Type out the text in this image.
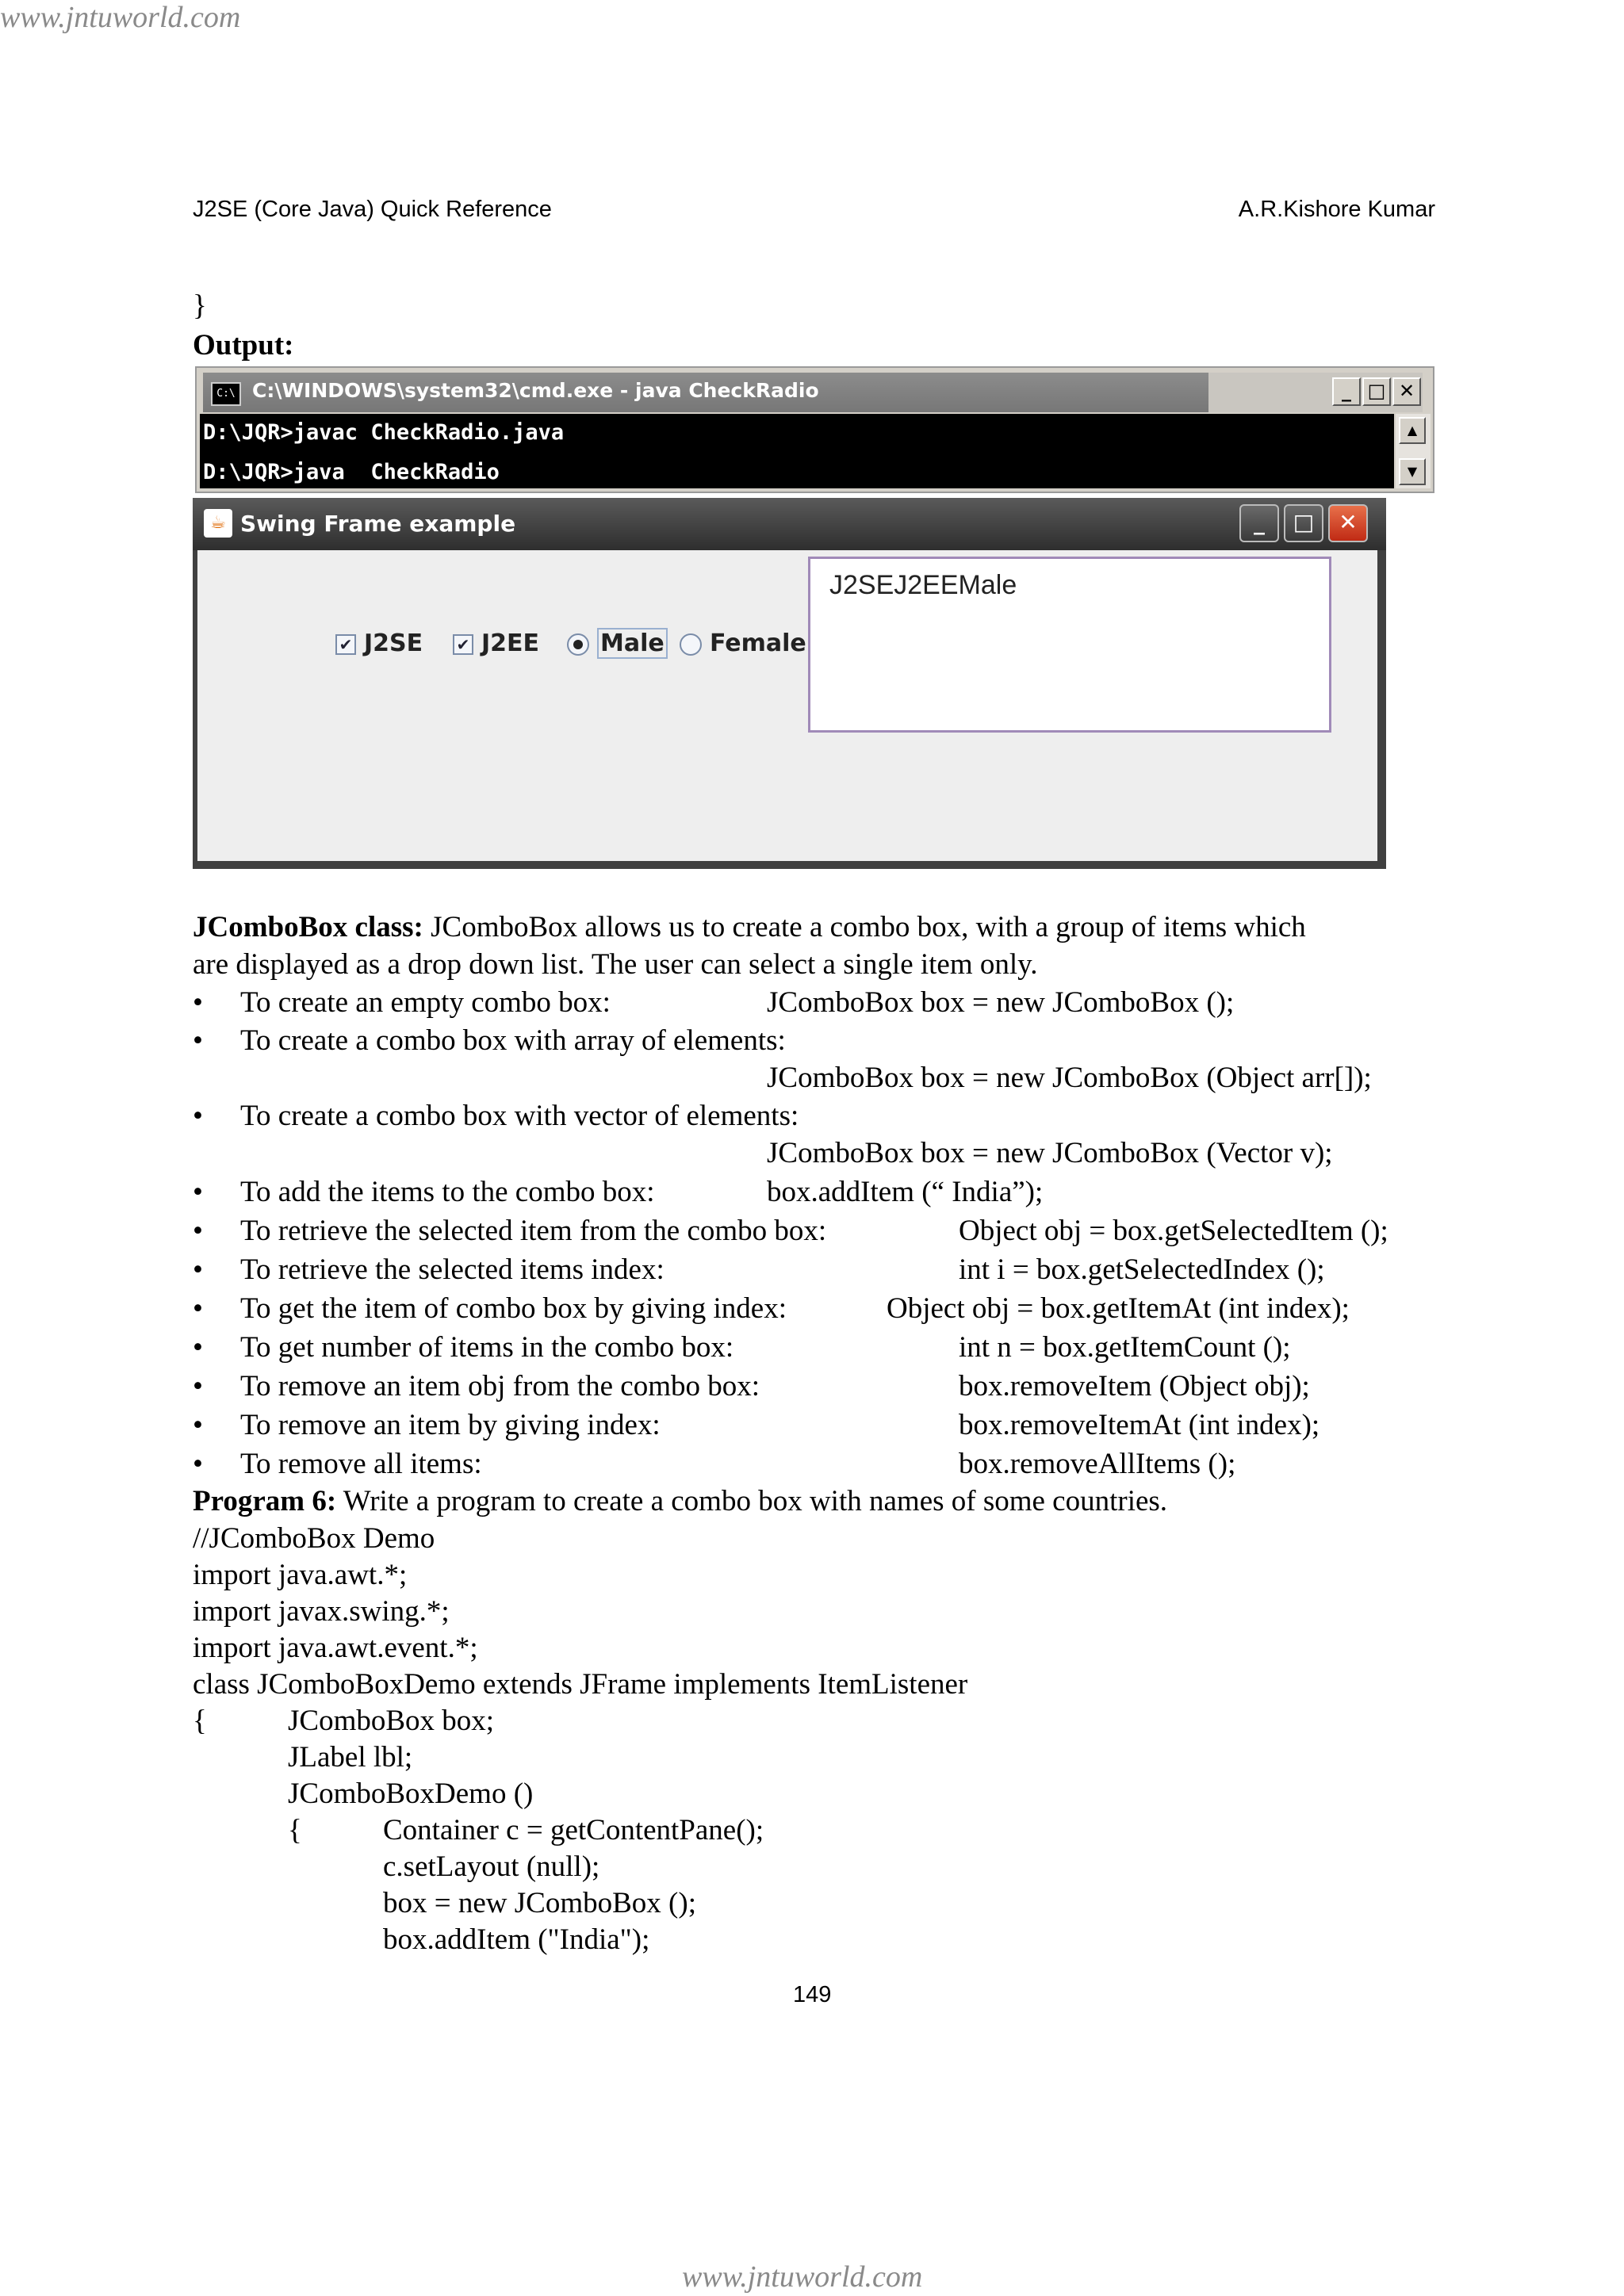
www.jntuworld.com
J2SE (Core Java) Quick Reference	A.R.Kishore Kumar
}
Output:
C:\ C:\WINDOWS\system32\cmd.exe - java CheckRadio	_ □ ✕
D:\JQR>javac CheckRadio.java
D:\JQR>java  CheckRadio
▲
▼
☕ Swing Frame example	_	□	✕
✔ J2SE ✔ J2EE	Male	Female
J2SEJ2EEMale
JComboBox class: JComboBox allows us to create a combo box, with a group of items which
are displayed as a drop down list. The user can select a single item only.
• To create an empty combo box:	JComboBox box = new JComboBox ();
• To create a combo box with array of elements:
JComboBox box = new JComboBox (Object arr[]);
• To create a combo box with vector of elements:
JComboBox box = new JComboBox (Vector v);
• To add the items to the combo box:	box.addItem (“ India”);
• To retrieve the selected item from the combo box:	Object obj = box.getSelectedItem ();
• To retrieve the selected items index:	int i = box.getSelectedIndex ();
• To get the item of combo box by giving index:	Object obj = box.getItemAt (int index);
• To get number of items in the combo box:	int n = box.getItemCount ();
• To remove an item obj from the combo box:	box.removeItem (Object obj);
• To remove an item by giving index:	box.removeItemAt (int index);
• To remove all items:	box.removeAllItems ();
Program 6: Write a program to create a combo box with names of some countries.
//JComboBox Demo
import java.awt.*;
import javax.swing.*;
import java.awt.event.*;
class JComboBoxDemo extends JFrame implements ItemListener
{	JComboBox box;
JLabel lbl;
JComboBoxDemo ()
{	Container c = getContentPane();
c.setLayout (null);
box = new JComboBox ();
box.addItem ("India");
149
www.jntuworld.com
